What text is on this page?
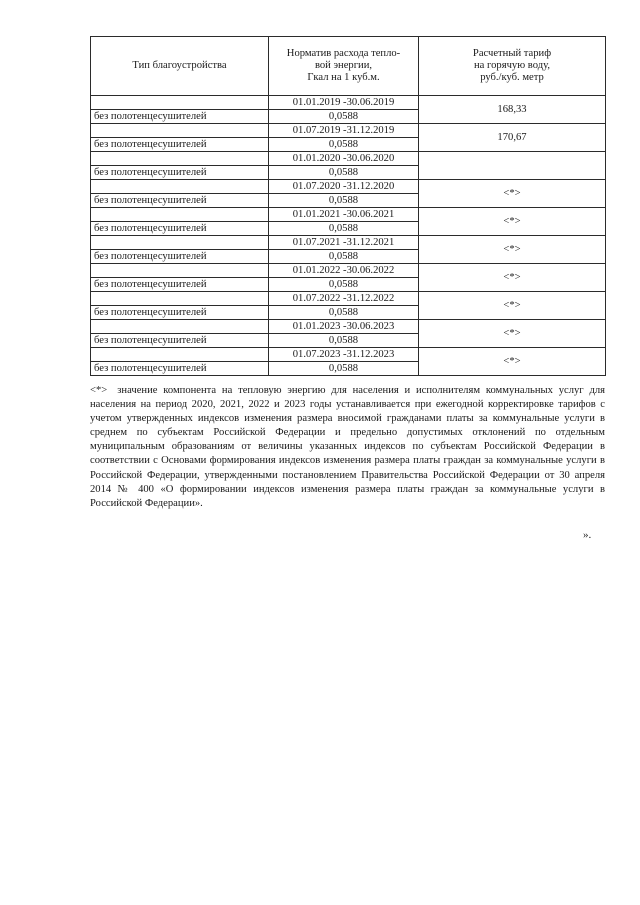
Тип благоустройства	Норматив расхода тепло-
вой энергии,
Гкал на 1 куб.м.	Расчетный тариф
на горячую воду,
руб./куб. метр
	01.01.2019 -30.06.2019	168,33
без полотенцесушителей	0,0588	
	01.07.2019 -31.12.2019	170,67
без полотенцесушителей	0,0588	
	01.01.2020 -30.06.2020	
без полотенцесушителей	0,0588	
	01.07.2020 -31.12.2020	<*>
без полотенцесушителей	0,0588	
	01.01.2021 -30.06.2021	<*>
без полотенцесушителей	0,0588	
	01.07.2021 -31.12.2021	<*>
без полотенцесушителей	0,0588	
	01.01.2022 -30.06.2022	<*>
без полотенцесушителей	0,0588	
	01.07.2022 -31.12.2022	<*>
без полотенцесушителей	0,0588	
	01.01.2023 -30.06.2023	<*>
без полотенцесушителей	0,0588	
	01.07.2023 -31.12.2023	<*>
без полотенцесушителей	0,0588	
<*> значение компонента на тепловую энергию для населения и исполнителям коммунальных услуг для населения на период 2020, 2021, 2022 и 2023 годы устанавливается при ежегодной корректировке тарифов с учетом утвержденных индексов изменения размера вносимой гражданами платы за коммунальные услуги в среднем по субъектам Российской Федерации и предельно допустимых отклонений по отдельным муниципальным образованиям от величины указанных индексов по субъектам Российской Федерации в соответствии с Основами формирования индексов изменения размера платы граждан за коммунальные услуги в Российской Федерации, утвержденными постановлением Правительства Российской Федерации от 30 апреля 2014 № 400 «О формировании индексов изменения размера платы граждан за коммунальные услуги в Российской Федерации».
».
